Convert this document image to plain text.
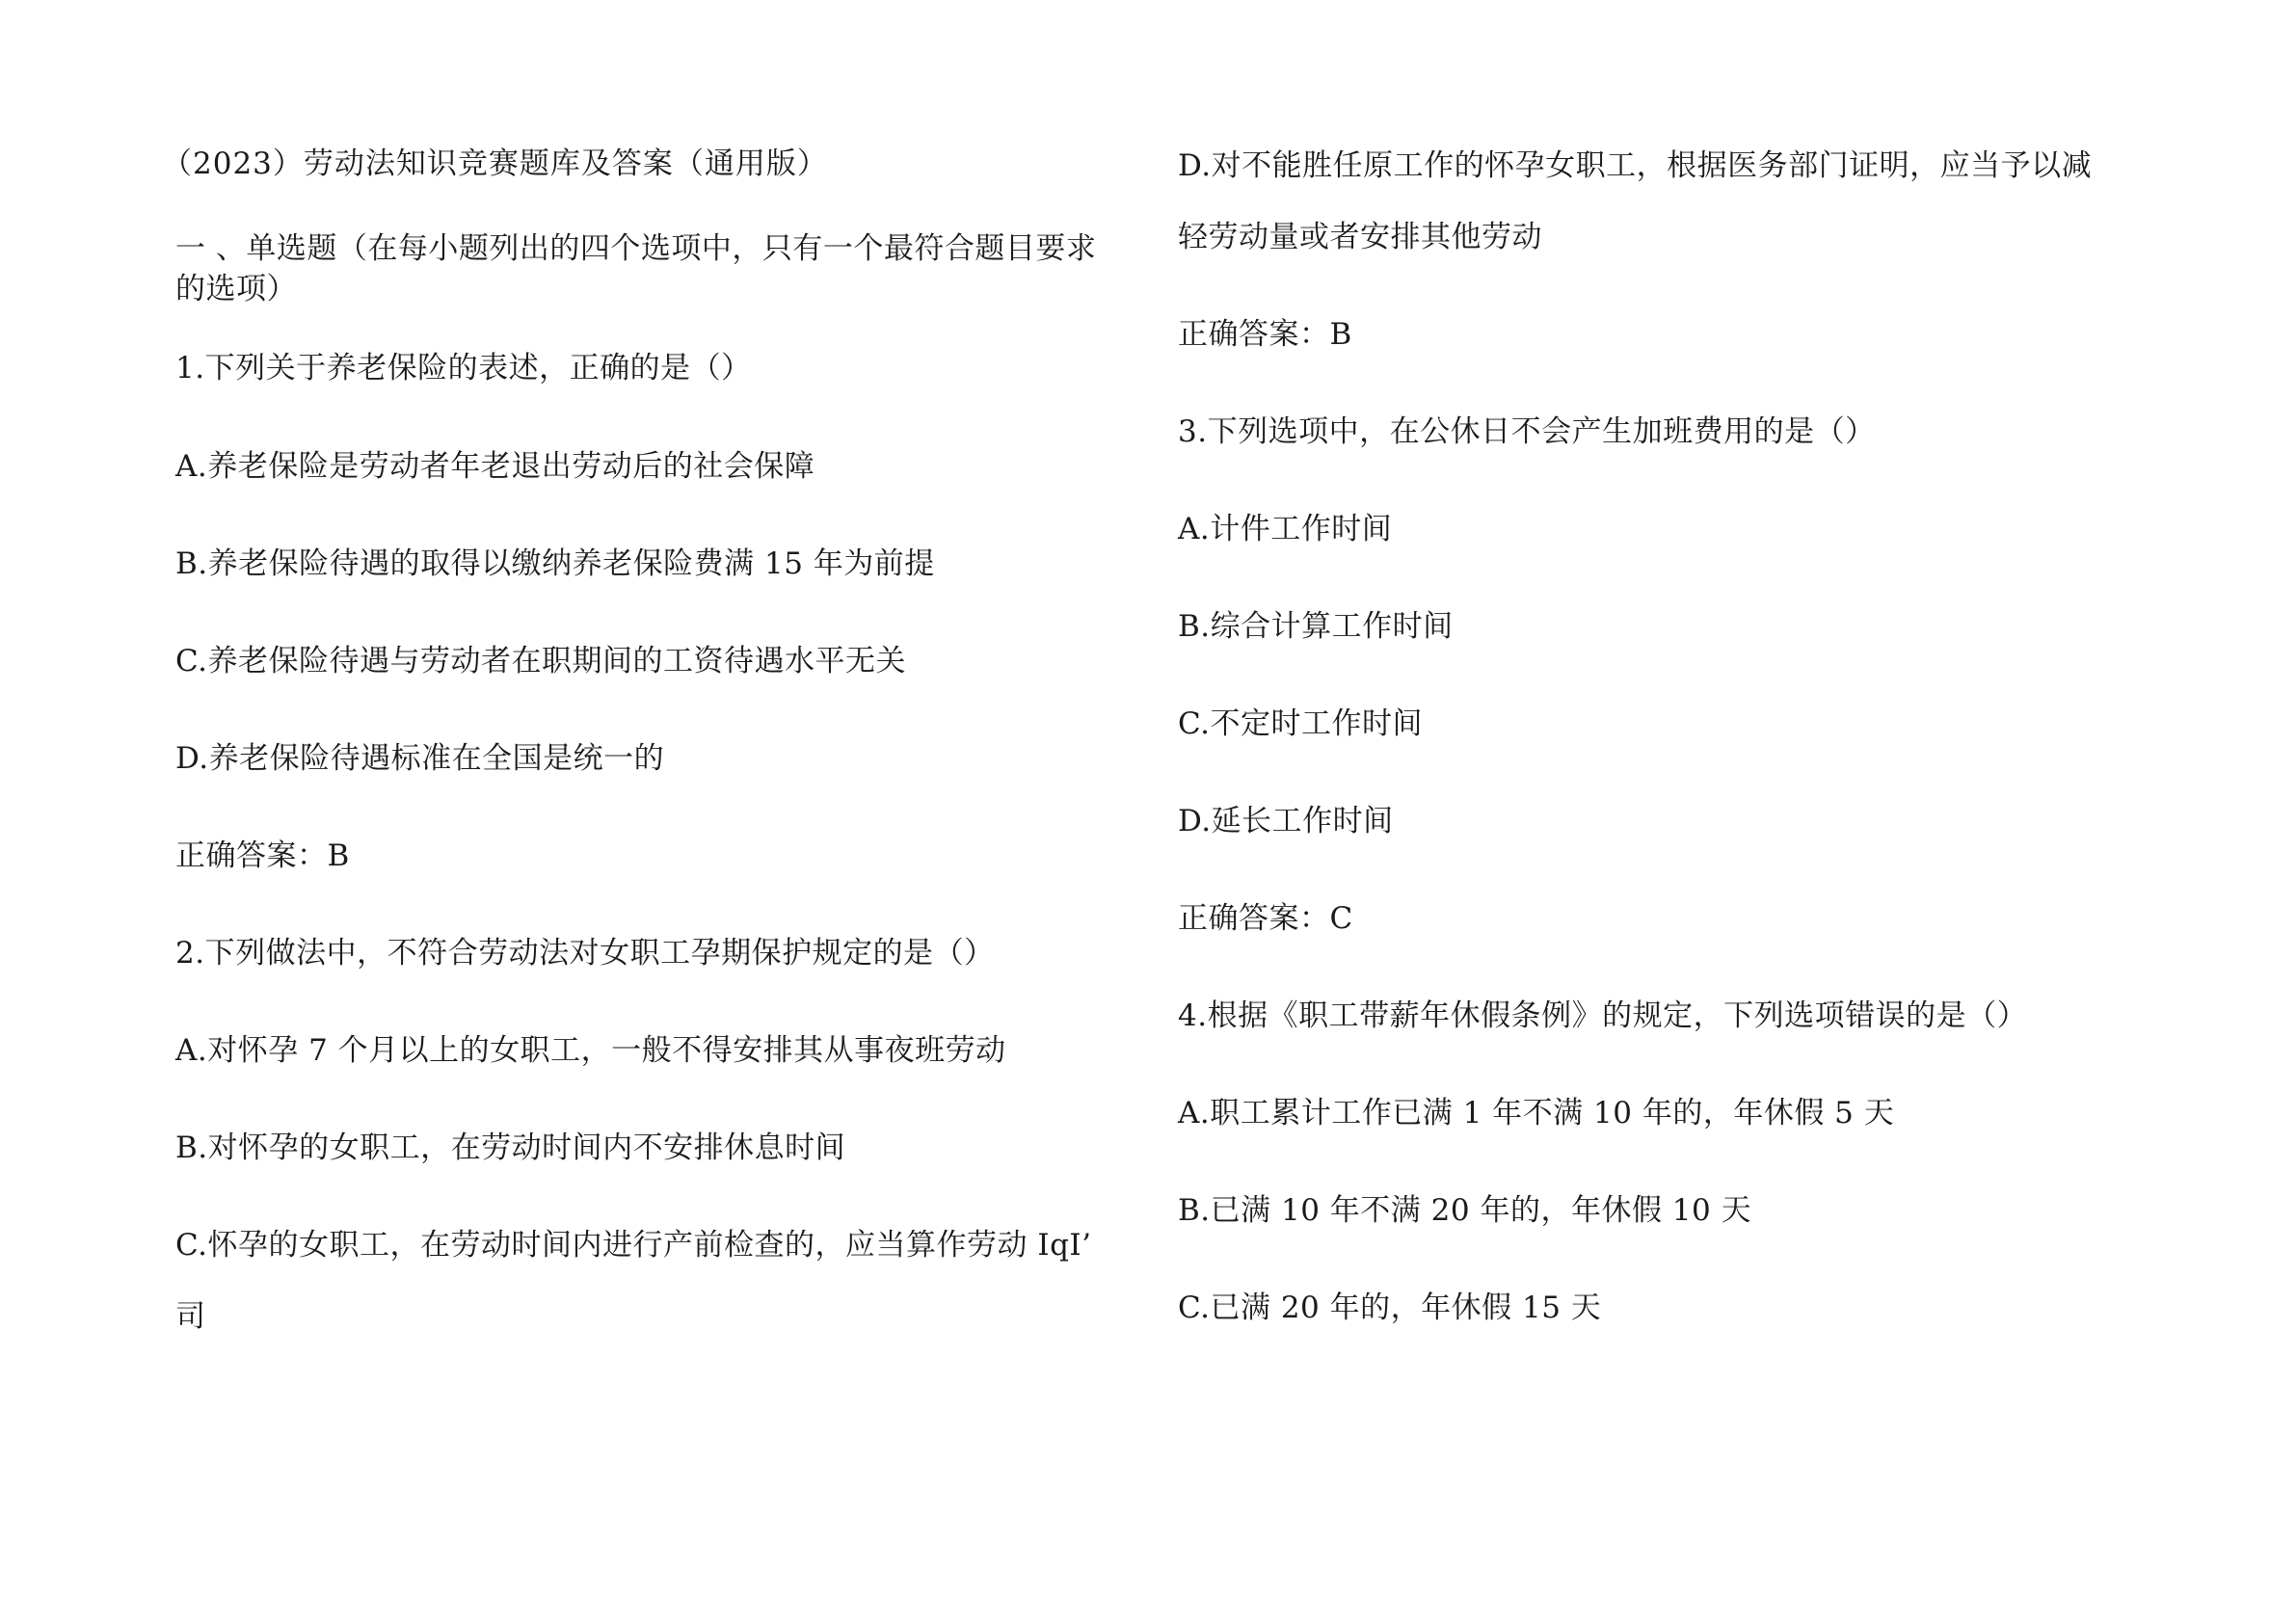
（2023）劳动法知识竞赛题库及答案（通用版）
一 、单选题（在每小题列出的四个选项中，只有一个最符合题目要求
的选项）
1.下列关于养老保险的表述，正确的是（）
A.养老保险是劳动者年老退出劳动后的社会保障
B.养老保险待遇的取得以缴纳养老保险费满 15 年为前提
C.养老保险待遇与劳动者在职期间的工资待遇水平无关
D.养老保险待遇标准在全国是统一的
正确答案：B
2.下列做法中，不符合劳动法对女职工孕期保护规定的是（）
A.对怀孕 7 个月以上的女职工，一般不得安排其从事夜班劳动
B.对怀孕的女职工，在劳动时间内不安排休息时间
C.怀孕的女职工，在劳动时间内进行产前检查的，应当算作劳动 IqI’
司
D.对不能胜任原工作的怀孕女职工，根据医务部门证明，应当予以减
轻劳动量或者安排其他劳动
正确答案：B
3.下列选项中，在公休日不会产生加班费用的是（）
A.计件工作时间
B.综合计算工作时间
C.不定时工作时间
D.延长工作时间
正确答案：C
4.根据《职工带薪年休假条例》的规定，下列选项错误的是（）
A.职工累计工作已满 1 年不满 10 年的，年休假 5 天
B.已满 10 年不满 20 年的，年休假 10 天
C.已满 20 年的，年休假 15 天
